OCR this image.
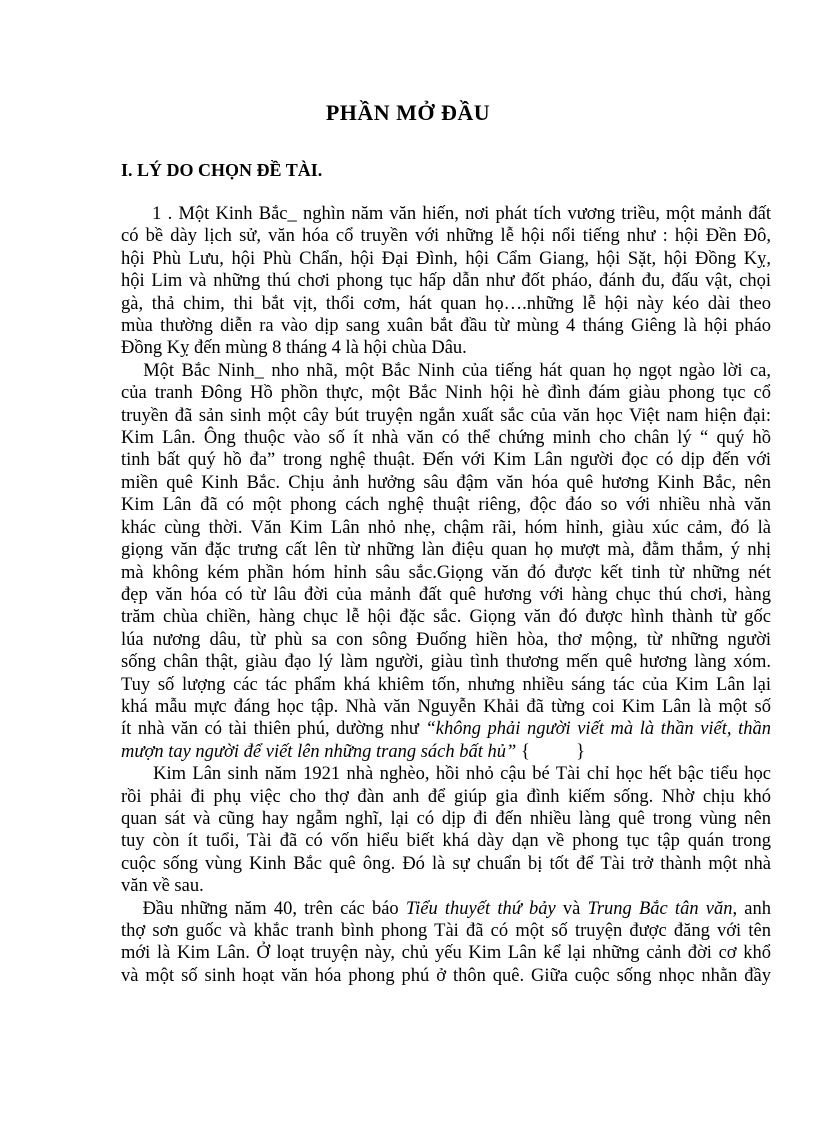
PHẦN MỞ ĐẦU
I. LÝ DO CHỌN ĐỀ TÀI.
1 . Một Kinh Bắc_ nghìn năm văn hiến, nơi phát tích vương triều, một mảnh đất
có bề dày lịch sử, văn hóa cổ truyền với những lễ hội nổi tiếng như : hội Đền Đô,
hội Phù Lưu, hội Phù Chẩn, hội Đại Đình, hội Cẩm Giang, hội Sặt, hội Đồng Kỵ,
hội Lim và những thú chơi phong tục hấp dẫn như đốt pháo, đánh đu, đấu vật, chọi
gà, thả chim, thi bắt vịt, thổi cơm, hát quan họ….những lễ hội này kéo dài theo
mùa thường diễn ra vào dịp sang xuân bắt đầu từ mùng 4 tháng Giêng là hội pháo
Đồng Kỵ đến mùng 8 tháng 4 là hội chùa Dâu.
Một Bắc Ninh_ nho nhã, một Bắc Ninh của tiếng hát quan họ ngọt ngào lời ca,
của tranh Đông Hồ phồn thực, một Bắc Ninh hội hè đình đám giàu phong tục cổ
truyền đã sản sinh một cây bút truyện ngắn xuất sắc của văn học Việt nam hiện đại:
Kim Lân. Ông thuộc vào số ít nhà văn có thể chứng minh cho chân lý “ quý hồ
tinh bất quý hồ đa” trong nghệ thuật. Đến với Kim Lân người đọc có dịp đến với
miền quê Kinh Bắc. Chịu ảnh hưởng sâu đậm văn hóa quê hương Kinh Bắc, nên
Kim Lân đã có một phong cách nghệ thuật riêng, độc đáo so với nhiều nhà văn
khác cùng thời. Văn Kim Lân nhỏ nhẹ, chậm rãi, hóm hỉnh, giàu xúc cảm, đó là
giọng văn đặc trưng cất lên từ những làn điệu quan họ mượt mà, đằm thắm, ý nhị
mà không kém phần hóm hỉnh sâu sắc.Giọng văn đó được kết tinh từ những nét
đẹp văn hóa có từ lâu đời của mảnh đất quê hương với hàng chục thú chơi, hàng
trăm chùa chiền, hàng chục lễ hội đặc sắc. Giọng văn đó được hình thành từ gốc
lúa nương dâu, từ phù sa con sông Đuống hiền hòa, thơ mộng, từ những người
sống chân thật, giàu đạo lý làm người, giàu tình thương mến quê hương làng xóm.
Tuy số lượng các tác phẩm khá khiêm tốn, nhưng nhiều sáng tác của Kim Lân lại
khá mẫu mực đáng học tập. Nhà văn Nguyễn Khải đã từng coi Kim Lân là một số
ít nhà văn có tài thiên phú, dường như “không phải người viết mà là thần viết, thần
mượn tay người để viết lên những trang sách bất hủ” {          }
Kim Lân sinh năm 1921 nhà nghèo, hồi nhỏ cậu bé Tài chỉ học hết bậc tiểu học
rồi phải đi phụ việc cho thợ đàn anh để giúp gia đình kiếm sống. Nhờ chịu khó
quan sát và cũng hay ngẫm nghĩ, lại có dịp đi đến nhiều làng quê trong vùng nên
tuy còn ít tuổi, Tài đã có vốn hiểu biết khá dày dạn về phong tục tập quán trong
cuộc sống vùng Kinh Bắc quê ông. Đó là sự chuẩn bị tốt để Tài trở thành một nhà
văn về sau.
Đầu những năm 40, trên các báo Tiểu thuyết thứ bảy và Trung Bắc tân văn, anh
thợ sơn guốc và khắc tranh bình phong Tài đã có một số truyện được đăng với tên
mới là Kim Lân. Ở loạt truyện này, chủ yếu Kim Lân kể lại những cảnh đời cơ khổ
và một số sinh hoạt văn hóa phong phú ở thôn quê. Giữa cuộc sống nhọc nhằn đầy
